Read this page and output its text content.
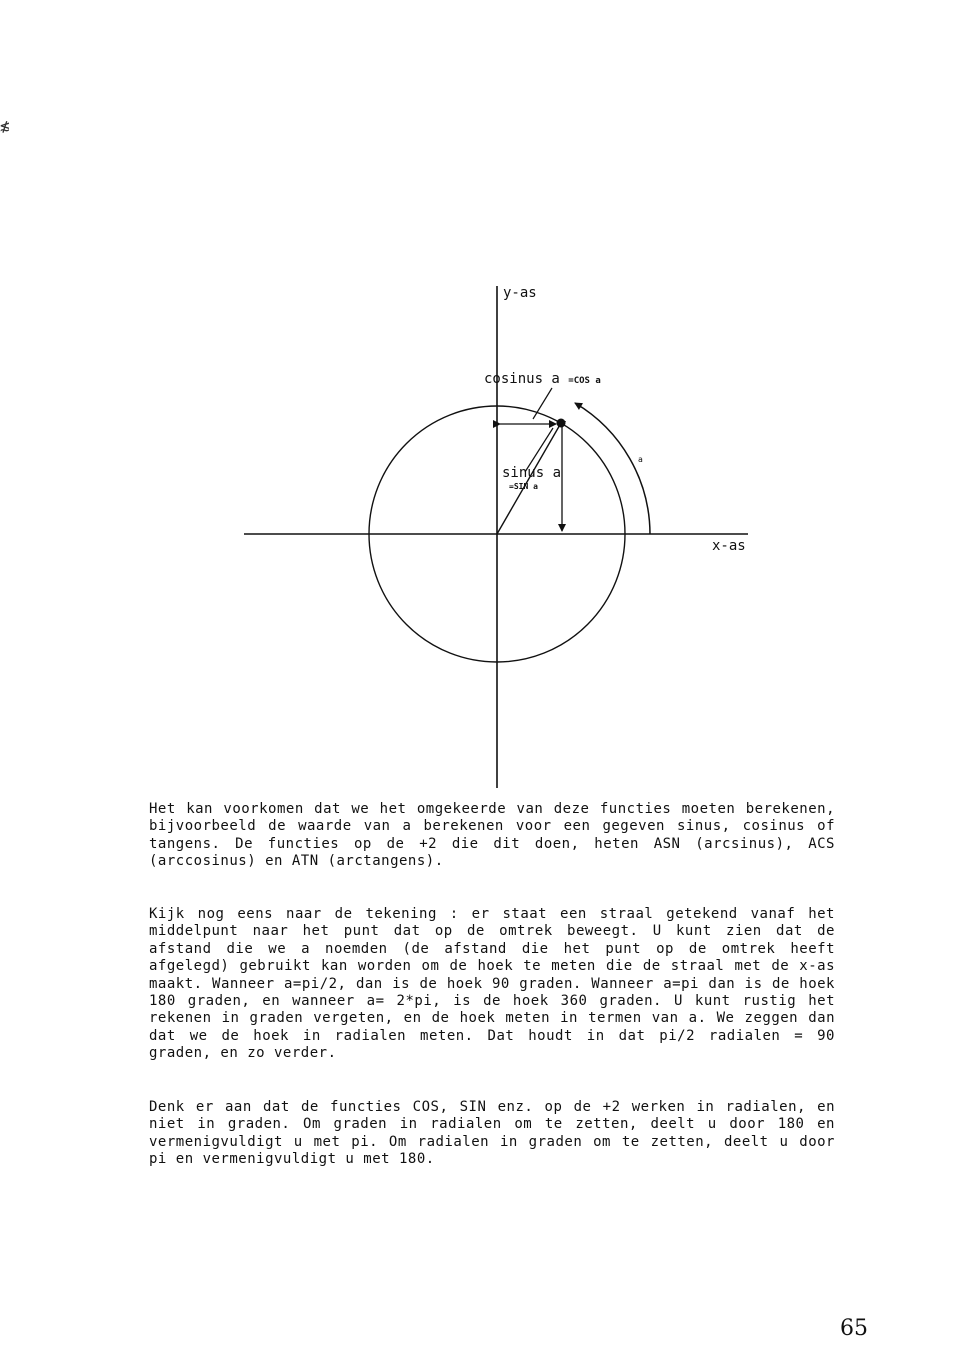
≴
y-as
x-as
cosinus a =COS a
sinus a
=SIN a
a

Het kan voorkomen dat we het omgekeerde van deze functies moeten berekenen, bijvoorbeeld de waarde van a berekenen voor een gegeven sinus, cosinus of tangens. De functies op de +2 die dit doen, heten ASN (arcsinus), ACS (arccosinus) en ATN (arctangens).

Kijk nog eens naar de tekening : er staat een straal getekend vanaf het middelpunt naar het punt dat op de omtrek beweegt. U kunt zien dat de afstand die we a noemden (de afstand die het punt op de omtrek heeft afgelegd) gebruikt kan worden om de hoek te meten die de straal met de x-as maakt. Wanneer a=pi/2, dan is de hoek 90 graden. Wanneer a=pi dan is de hoek 180 graden, en wanneer a= 2*pi, is de hoek 360 graden. U kunt rustig het rekenen in graden vergeten, en de hoek meten in termen van a. We zeggen dan dat we de hoek in radialen meten. Dat houdt in dat pi/2 radialen = 90 graden, en zo verder.

Denk er aan dat de functies COS, SIN enz. op de +2 werken in radialen, en niet in graden. Om graden in radialen om te zetten, deelt u door 180 en vermenigvuldigt u met pi. Om radialen in graden om te zetten, deelt u door pi en vermenigvuldigt u met 180.

65
